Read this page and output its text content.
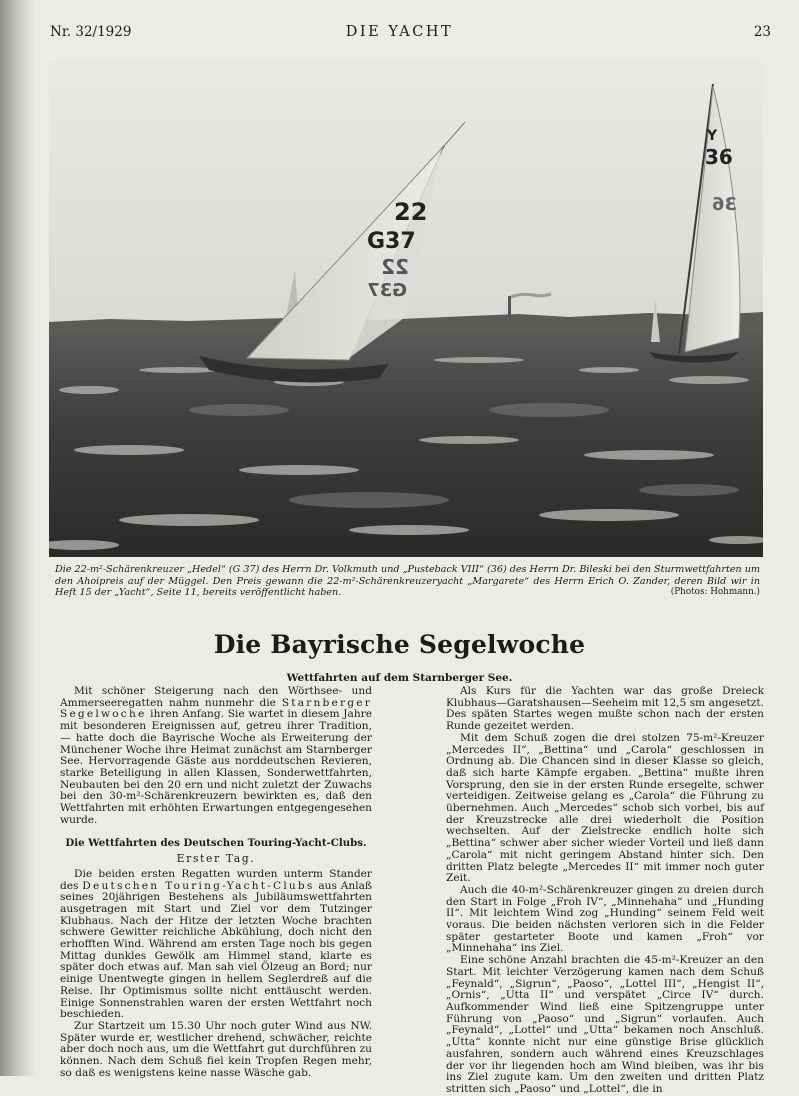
Nr. 32/1929	DIE YACHT	23
22
G37
22
G37
Y
36
36
Die 22-m²-Schärenkreuzer „Hedel“ (G 37) des Herrn Dr. Volkmuth und „Pusteback VIII“ (36) des Herrn Dr. Bileski bei den Sturmwettfahrten um den Ahoipreis auf der Müggel. Den Preis gewann die 22-m²-Schärenkreuzeryacht „Margarete“ des Herrn Erich O. Zander, deren Bild wir in Heft 15 der „Yacht“, Seite 11, bereits veröffentlicht haben.	(Photos: Hohmann.)
Die Bayrische Segelwoche
Wettfahrten auf dem Starnberger See.

Mit schöner Steigerung nach den Wörthsee- und Ammerseeregatten nahm nunmehr die Starnberger Segelwoche ihren Anfang. Sie wartet in diesem Jahre mit besonderen Ereignissen auf, getreu ihrer Tradition, — hatte doch die Bayrische Woche als Erweiterung der Münchener Woche ihre Heimat zunächst am Starnberger See. Hervorragende Gäste aus norddeutschen Revieren, starke Beteiligung in allen Klassen, Sonderwettfahrten, Neubauten bei den 20 ern und nicht zuletzt der Zuwachs bei den 30-m²-Schärenkreuzern bewirkten es, daß den Wettfahrten mit erhöhten Erwartungen entgegengesehen wurde.

Die Wettfahrten des Deutschen Touring-Yacht-Clubs.
Erster Tag.

Die beiden ersten Regatten wurden unterm Stander des Deutschen Touring-Yacht-Clubs aus Anlaß seines 20jährigen Bestehens als Jubiläumswettfahrten ausgetragen mit Start und Ziel vor dem Tutzinger Klubhaus. Nach der Hitze der letzten Woche brachten schwere Gewitter reichliche Abkühlung, doch nicht den erhofften Wind. Während am ersten Tage noch bis gegen Mittag dunkles Gewölk am Himmel stand, klarte es später doch etwas auf. Man sah viel Ölzeug an Bord; nur einige Unentwegte gingen in hellem Seglerdreß auf die Reise. Ihr Optimismus sollte nicht enttäuscht werden. Einige Sonnenstrahlen waren der ersten Wettfahrt noch beschieden.

Zur Startzeit um 15.30 Uhr noch guter Wind aus NW. Später wurde er, westlicher drehend, schwächer, reichte aber doch noch aus, um die Wettfahrt gut durchführen zu können. Nach dem Schuß fiel kein Tropfen Regen mehr, so daß es wenigstens keine nasse Wäsche gab.

Als Kurs für die Yachten war das große Dreieck Klubhaus—Garatshausen—Seeheim mit 12,5 sm angesetzt. Des späten Startes wegen mußte schon nach der ersten Runde gezeitet werden.

Mit dem Schuß zogen die drei stolzen 75-m²-Kreuzer „Mercedes II“, „Bettina“ und „Carola“ geschlossen in Ordnung ab. Die Chancen sind in dieser Klasse so gleich, daß sich harte Kämpfe ergaben. „Bettina“ mußte ihren Vorsprung, den sie in der ersten Runde ersegelte, schwer verteidigen. Zeitweise gelang es „Carola“ die Führung zu übernehmen. Auch „Mercedes“ schob sich vorbei, bis auf der Kreuzstrecke alle drei wiederholt die Position wechselten. Auf der Zielstrecke endlich holte sich „Bettina“ schwer aber sicher wieder Vorteil und ließ dann „Carola“ mit nicht geringem Abstand hinter sich. Den dritten Platz belegte „Mercedes II“ mit immer noch guter Zeit.

Auch die 40-m²-Schärenkreuzer gingen zu dreien durch den Start in Folge „Froh IV“, „Minnehaha“ und „Hunding II“. Mit leichtem Wind zog „Hunding“ seinem Feld weit voraus. Die beiden nächsten verloren sich in die Felder später gestarteter Boote und kamen „Froh“ vor „Minnehaha“ ins Ziel.

Eine schöne Anzahl brachten die 45-m²-Kreuzer an den Start. Mit leichter Verzögerung kamen nach dem Schuß „Feynald“, „Sigrun“, „Paoso“, „Lottel III“, „Hengist II“, „Ornis“, „Utta II“ und verspätet „Circe IV“ durch. Aufkommender Wind ließ eine Spitzengruppe unter Führung von „Paoso“ und „Sigrun“ vorlaufen. Auch „Feynald“, „Lottel“ und „Utta“ bekamen noch Anschluß. „Utta“ konnte nicht nur eine günstige Brise glücklich ausfahren, sondern auch während eines Kreuzschlages der vor ihr liegenden hoch am Wind bleiben, was ihr bis ins Ziel zugute kam. Um den zweiten und dritten Platz stritten sich „Paoso“ und „Lottel“, die in
